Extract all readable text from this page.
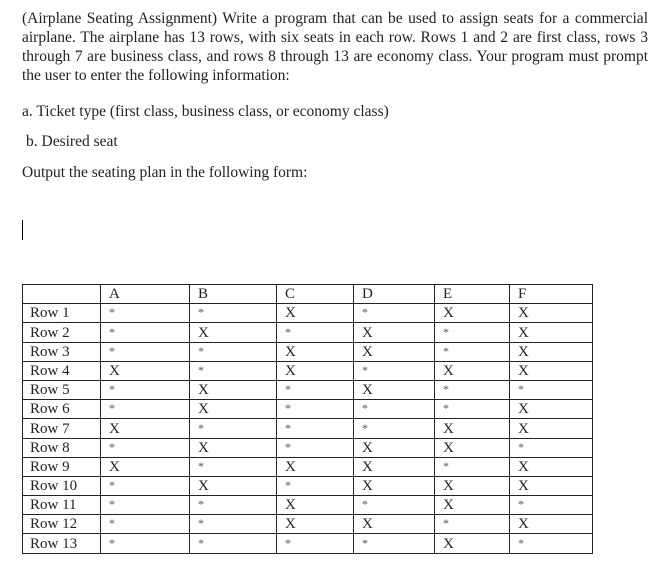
(Airplane Seating Assignment) Write a program that can be used to assign seats for a commercial airplane. The airplane has 13 rows, with six seats in each row. Rows 1 and 2 are first class, rows 3 through 7 are business class, and rows 8 through 13 are economy class. Your program must prompt the user to enter the following information:
a. Ticket type (first class, business class, or economy class)
b. Desired seat
Output the seating plan in the following form:
	A	B	C	D	E	F
Row 1	*	*	X	*	X	X
Row 2	*	X	*	X	*	X
Row 3	*	*	X	X	*	X
Row 4	X	*	X	*	X	X
Row 5	*	X	*	X	*	*
Row 6	*	X	*	*	*	X
Row 7	X	*	*	*	X	X
Row 8	*	X	*	X	X	*
Row 9	X	*	X	X	*	X
Row 10	*	X	*	X	X	X
Row 11	*	*	X	*	X	*
Row 12	*	*	X	X	*	X
Row 13	*	*	*	*	X	*
